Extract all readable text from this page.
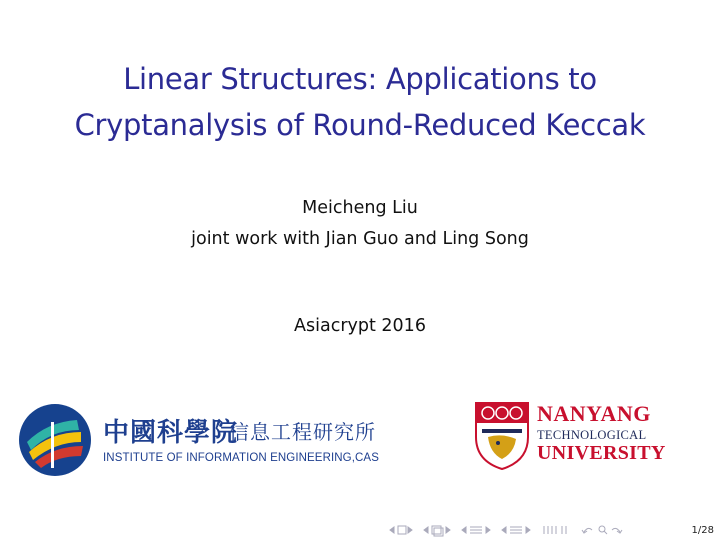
Linear Structures: Applications to
Cryptanalysis of Round-Reduced Keccak
Meicheng Liu
joint work with Jian Guo and Ling Song
Asiacrypt 2016
中國科學院
信息工程研究所
INSTITUTE OF INFORMATION ENGINEERING,CAS
NANYANG
TECHNOLOGICAL
UNIVERSITY
1/28
